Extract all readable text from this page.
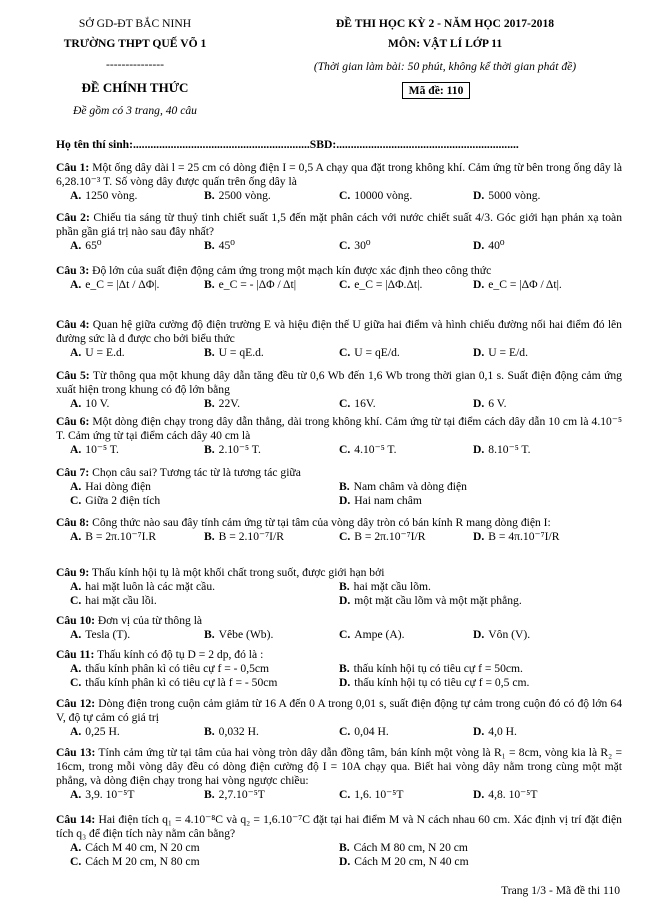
SỞ GD-ĐT BẮC NINH
TRƯỜNG THPT QUẾ VÕ 1
---------------
ĐỀ CHÍNH THỨC
Đề gồm có 3 trang, 40 câu
ĐỀ THI HỌC KỲ 2 - NĂM HỌC 2017-2018
MÔN: VẬT LÍ LỚP 11
(Thời gian làm bài: 50 phút, không kể thời gian phát đề)
Mã đề: 110
Họ tên thí sinh:.............................................................SBD:...............................................................
Câu 1: Một ống dây dài l = 25 cm có dòng điện I = 0,5 A chạy qua đặt trong không khí. Cảm ứng từ bên trong ống dây là 6,28.10⁻³ T. Số vòng dây được quấn trên ống dây là
A. 1250 vòng.	B. 2500 vòng.	C. 10000 vòng.	D. 5000 vòng.
Câu 2: Chiếu tia sáng từ thuỷ tinh chiết suất 1,5 đến mặt phân cách với nước chiết suất 4/3. Góc giới hạn phản xạ toàn phần gần giá trị nào sau đây nhất?
A. 65⁰	B. 45⁰	C. 30⁰	D. 40⁰
Câu 3: Độ lớn của suất điện động cảm ứng trong một mạch kín được xác định theo công thức
A. e_C = |Δt / ΔΦ|.	B. e_C = - |ΔΦ / Δt|	C. e_C = |ΔΦ.Δt|.	D. e_C = |ΔΦ / Δt|.
Câu 4: Quan hệ giữa cường độ điện trường E và hiệu điện thế U giữa hai điểm và hình chiếu đường nối hai điểm đó lên đường sức là d được cho bởi biểu thức
A. U = E.d.	B. U = qE.d.	C. U = qE/d.	D. U = E/d.
Câu 5: Từ thông qua một khung dây dẫn tăng đều từ 0,6 Wb đến 1,6 Wb trong thời gian 0,1 s. Suất điện động cảm ứng xuất hiện trong khung có độ lớn bằng
A. 10 V.	B. 22V.	C. 16V.	D. 6 V.
Câu 6: Một dòng điện chạy trong dây dẫn thẳng, dài trong không khí. Cảm ứng từ tại điểm cách dây dẫn 10 cm là 4.10⁻⁵ T. Cảm ứng từ tại điểm cách dây 40 cm là
A. 10⁻⁵ T.	B. 2.10⁻⁵ T.	C. 4.10⁻⁵ T.	D. 8.10⁻⁵ T.
Câu 7: Chọn câu sai? Tương tác từ là tương tác giữa
A. Hai dòng điện	B. Nam châm và dòng điện
C. Giữa 2 điện tích	D. Hai nam châm
Câu 8: Công thức nào sau đây tính cảm ứng từ tại tâm của vòng dây tròn có bán kính R mang dòng điện I:
A. B = 2π.10⁻⁷I.R	B. B = 2.10⁻⁷I/R	C. B = 2π.10⁻⁷I/R	D. B = 4π.10⁻⁷I/R
Câu 9: Thấu kính hội tụ là một khối chất trong suốt, được giới hạn bởi
A. hai mặt luôn là các mặt cầu.	B. hai mặt cầu lõm.
C. hai mặt cầu lồi.	D. một mặt cầu lõm và một mặt phẳng.
Câu 10: Đơn vị của từ thông là
A. Tesla (T).	B. Vêbe (Wb).	C. Ampe (A).	D. Vôn (V).
Câu 11: Thấu kính có độ tụ D = 2 dp, đó là :
A. thấu kính phân kì có tiêu cự f = - 0,5cm	B. thấu kính hội tụ có tiêu cự f = 50cm.
C. thấu kính phân kì có tiêu cự là f = - 50cm	D. thấu kính hội tụ có tiêu cự f = 0,5 cm.
Câu 12: Dòng điện trong cuộn cảm giảm từ 16 A đến 0 A trong 0,01 s, suất điện động tự cảm trong cuộn đó có độ lớn 64 V, độ tự cảm có giá trị
A. 0,25 H.	B. 0,032 H.	C. 0,04 H.	D. 4,0 H.
Câu 13: Tính cảm ứng từ tại tâm của hai vòng tròn dây dẫn đồng tâm, bán kính một vòng là R₁ = 8cm, vòng kia là R₂ = 16cm, trong mỗi vòng dây đều có dòng điện cường độ I = 10A chạy qua. Biết hai vòng dây nằm trong cùng một mặt phẳng, và dòng điện chạy trong hai vòng ngược chiều:
A. 3,9. 10⁻⁵T	B. 2,7.10⁻⁵T	C. 1,6. 10⁻⁵T	D. 4,8. 10⁻⁵T
Câu 14: Hai điện tích q₁ = 4.10⁻⁸C và q₂ = 1,6.10⁻⁷C đặt tại hai điểm M và N cách nhau 60 cm. Xác định vị trí đặt điện tích q₃ để điện tích này nằm cân bằng?
A. Cách M 40 cm, N 20 cm	B. Cách M 80 cm, N 20 cm
C. Cách M 20 cm, N 80 cm	D. Cách M 20 cm, N 40 cm
Trang 1/3 - Mã đề thi 110
